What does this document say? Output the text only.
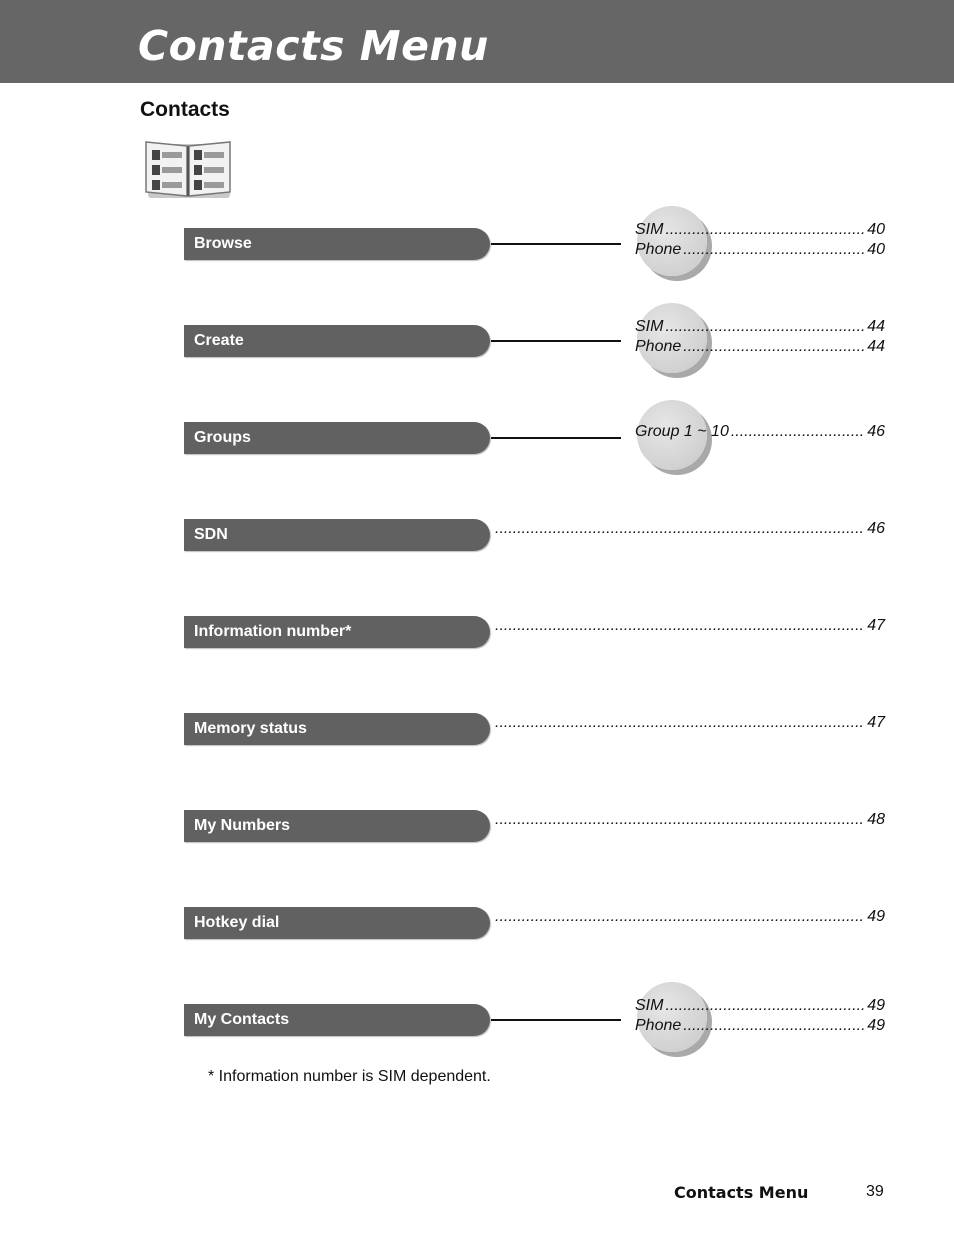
Contacts Menu
Contacts
Browse
SIM .....	40
Phone .....	40
Create
SIM .....	44
Phone .....	44
Groups	Group 1 ~ 10 .....	46
SDN .....	46
Information number* .....	47
Memory status .....	47
My Numbers .....	48
Hotkey dial .....	49
My Contacts
SIM .....	49
Phone .....	49
* Information number is SIM dependent.
Contacts Menu	39
